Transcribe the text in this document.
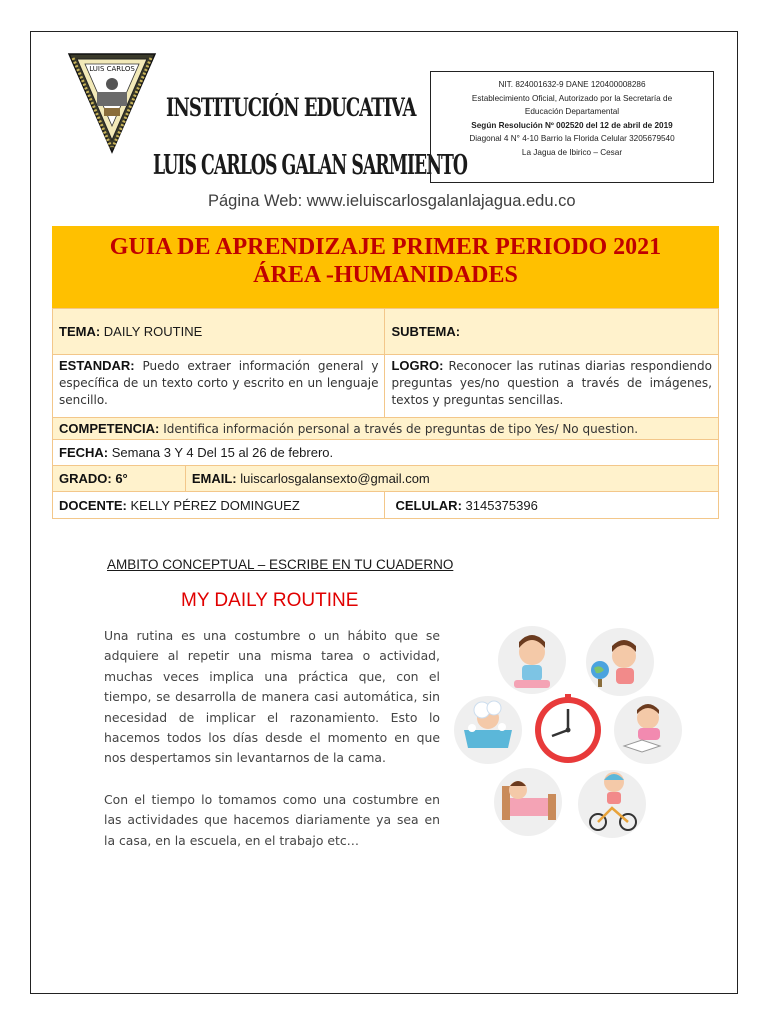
LUIS CARLOS
INSTITUCIÓN EDUCATIVA
LUIS CARLOS GALAN SARMIENTO
NIT. 824001632-9 DANE 120400008286
Establecimiento Oficial, Autorizado por la Secretaría de
Educación Departamental
Según Resolución Nº 002520 del 12 de abril de 2019
Diagonal 4 N° 4-10 Barrio la Florida Celular 3205679540
La Jagua de Ibirico – Cesar
Página Web: www.ieluiscarlosgalanlajagua.edu.co
GUIA DE APRENDIZAJE PRIMER PERIODO 2021
ÁREA -HUMANIDADES
TEMA: DAILY ROUTINE		SUBTEMA:
ESTANDAR: Puedo extraer información general y específica de un texto corto y escrito en un lenguaje sencillo.		LOGRO: Reconocer las rutinas diarias respondiendo preguntas yes/no question a través de imágenes, textos y preguntas sencillas.
COMPETENCIA: Identifica información personal a través de preguntas de tipo Yes/ No question.		
FECHA: Semana 3 Y 4 Del 15 al 26 de febrero.		
GRADO: 6°	EMAIL: luiscarlosgalansexto@gmail.com	
DOCENTE: KELLY PÉREZ DOMINGUEZ		CELULAR: 3145375396
AMBITO CONCEPTUAL – ESCRIBE EN TU CUADERNO
MY DAILY ROUTINE

Una rutina es una costumbre o un hábito que se adquiere al repetir una misma tarea o actividad, muchas veces implica una práctica que, con el tiempo, se desarrolla de manera casi automática, sin necesidad de implicar el razonamiento. Esto lo hacemos todos los días desde el momento en que nos despertamos sin levantarnos de la cama.

Con el tiempo lo tomamos como una costumbre en las actividades que hacemos diariamente ya sea en la casa, en la escuela, en el trabajo etc…
